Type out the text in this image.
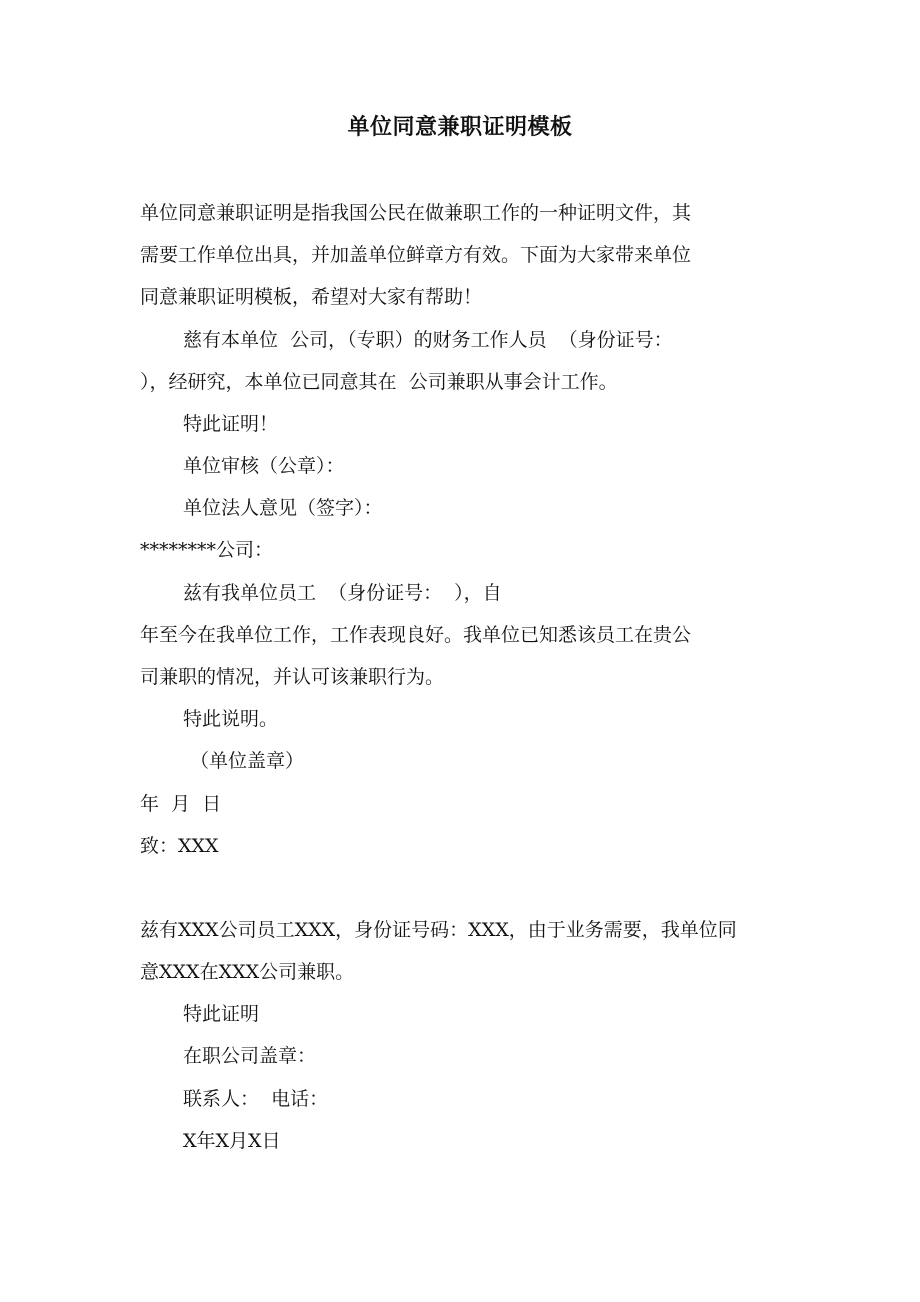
单位同意兼职证明模板
单位同意兼职证明是指我国公民在做兼职工作的一种证明文件，其
需要工作单位出具，并加盖单位鲜章方有效。下面为大家带来单位
同意兼职证明模板，希望对大家有帮助！
慈有本单位  公司，（专职）的财务工作人员  （身份证号：
），经研究，本单位已同意其在  公司兼职从事会计工作。
特此证明！
单位审核（公章）：
单位法人意见（签字）：
********公司：
兹有我单位员工  （身份证号：  ），自
年至今在我单位工作，工作表现良好。我单位已知悉该员工在贵公
司兼职的情况，并认可该兼职行为。
特此说明。
（单位盖章）
年  月  日
致：XXX
兹有XXX公司员工XXX，身份证号码：XXX，由于业务需要，我单位同
意XXX在XXX公司兼职。
特此证明
在职公司盖章：
联系人：  电话：
X年X月X日
